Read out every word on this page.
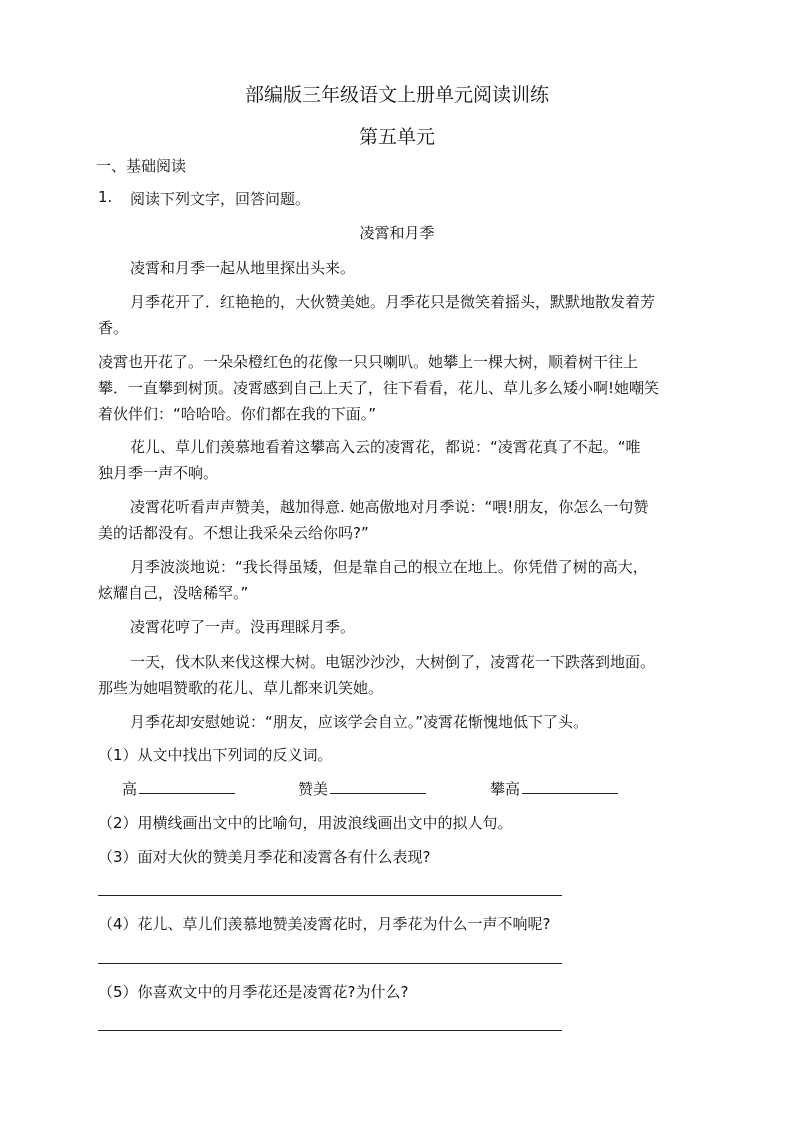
部编版三年级语文上册单元阅读训练
第五单元
一、基础阅读
1. 阅读下列文字，回答问题。
凌霄和月季
凌霄和月季一起从地里探出头来。
月季花开了．红艳艳的，大伙赞美她。月季花只是微笑着摇头，默默地散发着芳
香。
凌霄也开花了。一朵朵橙红色的花像一只只喇叭。她攀上一棵大树，顺着树干往上
攀．一直攀到树顶。凌霄感到自己上天了，往下看看，花儿、草儿多么矮小啊!她嘲笑
着伙伴们：“哈哈哈。你们都在我的下面。”
花儿、草儿们羡慕地看着这攀高入云的凌霄花，都说：“凌霄花真了不起。“唯
独月季一声不响。
凌霄花听看声声赞美，越加得意. 她高傲地对月季说：“喂!朋友，你怎么一句赞
美的话都没有。不想让我采朵云给你吗?”
月季波淡地说：“我长得虽矮，但是靠自己的根立在地上。你凭借了树的高大，
炫耀自己，没啥稀罕。”
凌霄花哼了一声。没再理睬月季。
一天，伐木队来伐这棵大树。电锯沙沙沙，大树倒了，凌霄花一下跌落到地面。
那些为她唱赞歌的花儿、草儿都来讥笑她。
月季花却安慰她说：“朋友，应该学会自立。”凌霄花惭愧地低下了头。
（1）从文中找出下列词的反义词。
高	赞美	攀高
（2）用横线画出文中的比喻句，用波浪线画出文中的拟人句。
（3）面对大伙的赞美月季花和凌霄各有什么表现?
（4）花儿、草儿们羡慕地赞美凌霄花时，月季花为什么一声不响呢?
（5）你喜欢文中的月季花还是凌霄花?为什么?
